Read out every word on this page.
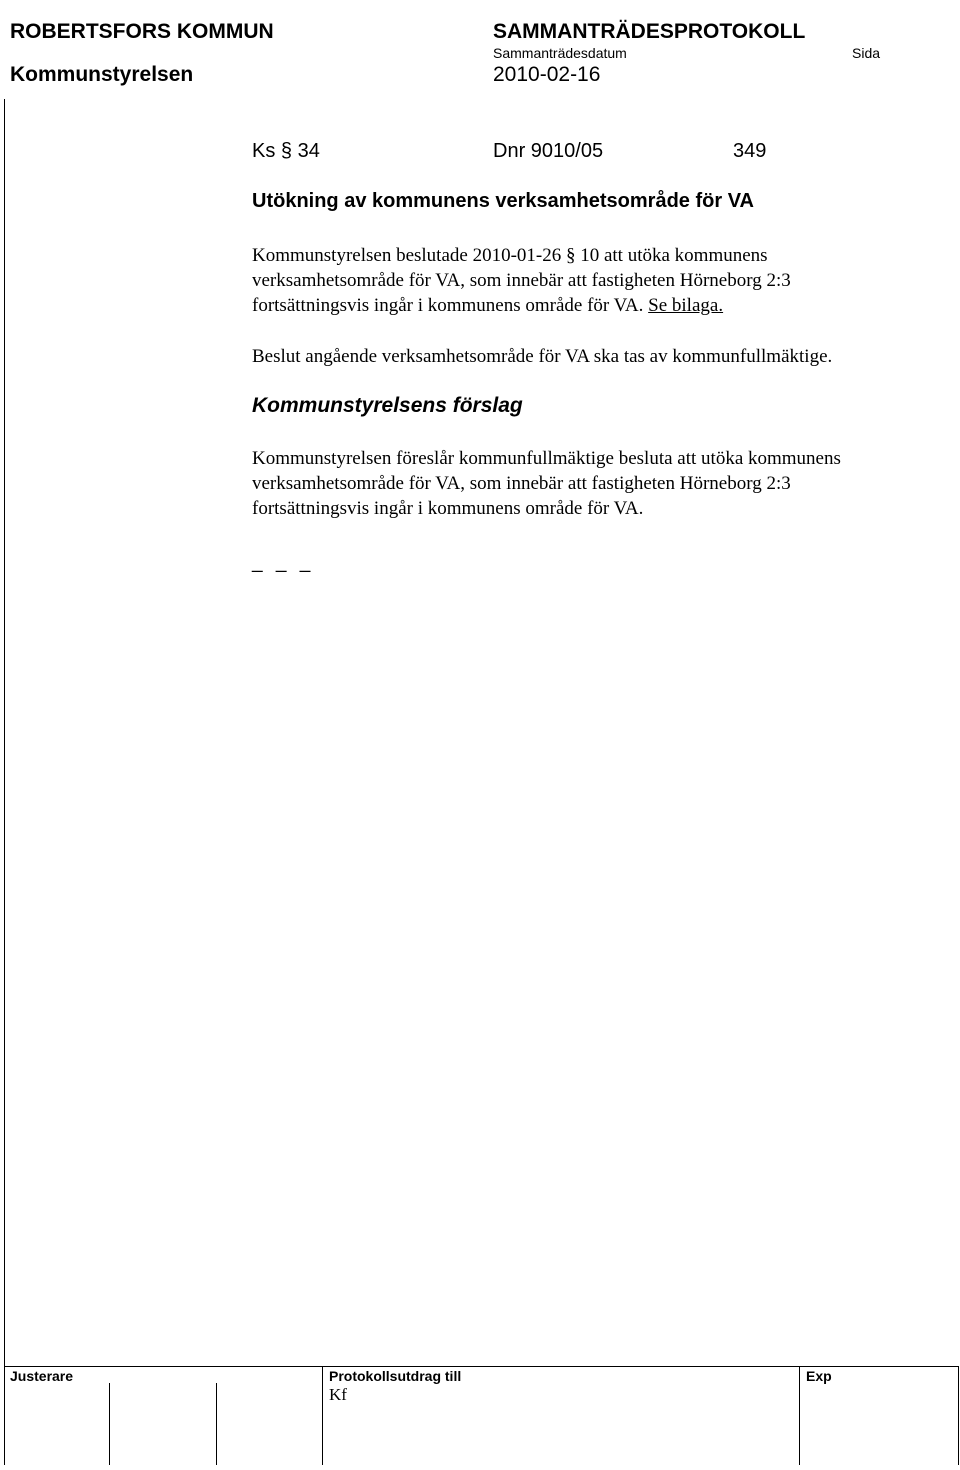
ROBERTSFORS KOMMUN	SAMMANTRÄDESPROTOKOLL
Sammanträdesdatum	Sida
Kommunstyrelsen	2010-02-16
Ks § 34	Dnr 9010/05	349
Utökning av kommunens verksamhetsområde för VA
Kommunstyrelsen beslutade 2010-01-26 § 10 att utöka kommunens
verksamhetsområde för VA, som innebär att fastigheten Hörneborg 2:3
fortsättningsvis ingår i kommunens område för VA. Se bilaga.
Beslut angående verksamhetsområde för VA ska tas av kommunfullmäktige.
Kommunstyrelsens förslag
Kommunstyrelsen föreslår kommunfullmäktige besluta att utöka kommunens
verksamhetsområde för VA, som innebär att fastigheten Hörneborg 2:3
fortsättningsvis ingår i kommunens område för VA.
_ _ _
Justerare	Protokollsutdrag till
Kf
Exp
